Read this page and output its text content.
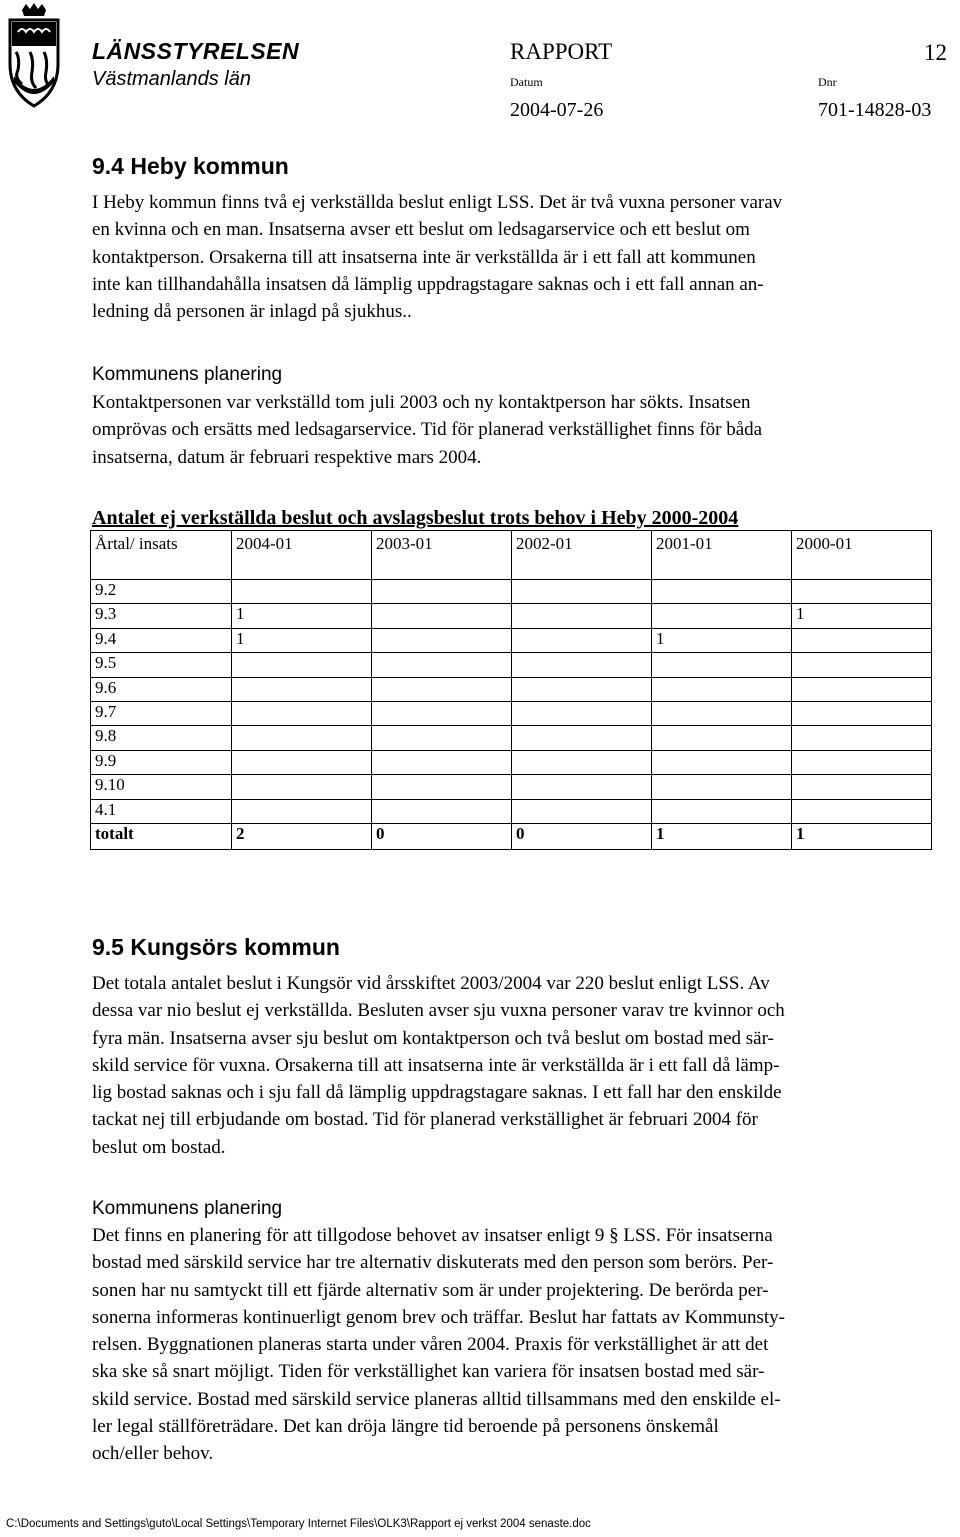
LÄNSSTYRELSEN
Västmanlands län
RAPPORT	12
Datum	Dnr
2004-07-26	701-14828-03
9.4 Heby kommun
I Heby kommun finns två ej verkställda beslut enligt LSS. Det är två vuxna personer varav
en kvinna och en man. Insatserna avser ett beslut om ledsagarservice och ett beslut om
kontaktperson. Orsakerna till att insatserna inte är verkställda är i ett fall att kommunen
inte kan tillhandahålla insatsen då lämplig uppdragstagare saknas och i ett fall annan an-
ledning då personen är inlagd på sjukhus..
Kommunens planering
Kontaktpersonen var verkställd tom juli 2003 och ny kontaktperson har sökts. Insatsen
omprövas och ersätts med ledsagarservice. Tid för planerad verkställighet finns för båda
insatserna, datum är februari respektive mars 2004.
Antalet ej verkställda beslut och avslagsbeslut trots behov i Heby 2000-2004
Årtal/ insats	2004-01	2003-01	2002-01	2001-01	2000-01
9.2					
9.3	1				1
9.4	1			1	
9.5					
9.6					
9.7					
9.8					
9.9					
9.10					
4.1					
totalt	2	0	0	1	1
9.5 Kungsörs kommun
Det totala antalet beslut i Kungsör vid årsskiftet 2003/2004 var 220 beslut enligt LSS. Av
dessa var nio beslut ej verkställda. Besluten avser sju vuxna personer varav tre kvinnor och
fyra män. Insatserna avser sju beslut om kontaktperson och två beslut om bostad med sär-
skild service för vuxna. Orsakerna till att insatserna inte är verkställda är i ett fall då lämp-
lig bostad saknas och i sju fall då lämplig uppdragstagare saknas. I ett fall har den enskilde
tackat nej till erbjudande om bostad. Tid för planerad verkställighet är februari 2004 för
beslut om bostad.
Kommunens planering
Det finns en planering för att tillgodose behovet av insatser enligt 9 § LSS. För insatserna
bostad med särskild service har tre alternativ diskuterats med den person som berörs. Per-
sonen har nu samtyckt till ett fjärde alternativ som är under projektering. De berörda per-
sonerna informeras kontinuerligt genom brev och träffar. Beslut har fattats av Kommunsty-
relsen. Byggnationen planeras starta under våren 2004. Praxis för verkställighet är att det
ska ske så snart möjligt. Tiden för verkställighet kan variera för insatsen bostad med sär-
skild service. Bostad med särskild service planeras alltid tillsammans med den enskilde el-
ler legal ställföreträdare. Det kan dröja längre tid beroende på personens önskemål
och/eller behov.
C:\Documents and Settings\guto\Local Settings\Temporary Internet Files\OLK3\Rapport ej verkst 2004 senaste.doc
